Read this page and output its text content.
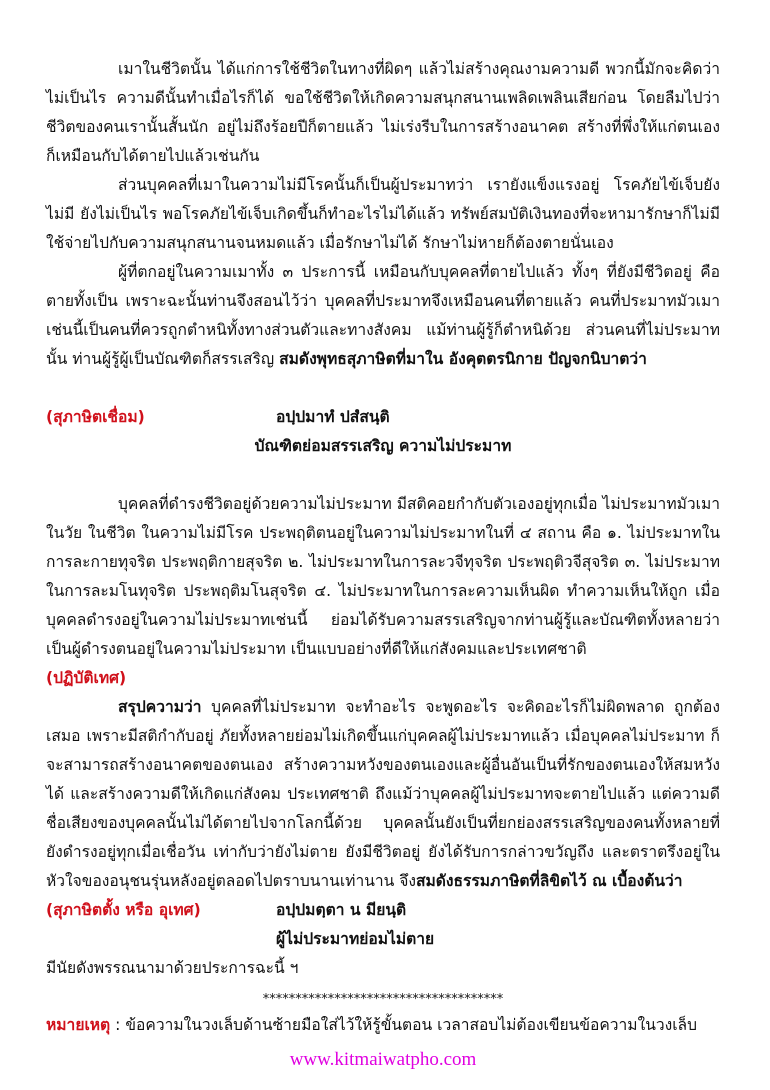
เมาในชีวิตนั้น ได้แก่การใช้ชีวิตในทางที่ผิดๆ แล้วไม่สร้างคุณงามความดี พวกนี้มักจะคิดว่า ไม่เป็นไร ความดีนั้นทำเมื่อไรก็ได้ ขอใช้ชีวิตให้เกิดความสนุกสนานเพลิดเพลินเสียก่อน โดยลืมไปว่าชีวิตของคนเรานั้นสั้นนัก อยู่ไม่ถึงร้อยปีก็ตายแล้ว ไม่เร่งรีบในการสร้างอนาคต สร้างที่พึ่งให้แก่ตนเอง ก็เหมือนกับได้ตายไปแล้วเช่นกัน

ส่วนบุคคลที่เมาในความไม่มีโรคนั้นก็เป็นผู้ประมาทว่า เรายังแข็งแรงอยู่ โรคภัยไข้เจ็บยังไม่มี ยังไม่เป็นไร พอโรคภัยไข้เจ็บเกิดขึ้นก็ทำอะไรไม่ได้แล้ว ทรัพย์สมบัติเงินทองที่จะหามารักษาก็ไม่มี ใช้จ่ายไปกับความสนุกสนานจนหมดแล้ว เมื่อรักษาไม่ได้ รักษาไม่หายก็ต้องตายนั่นเอง

ผู้ที่ตกอยู่ในความเมาทั้ง ๓ ประการนี้ เหมือนกับบุคคลที่ตายไปแล้ว ทั้งๆ ที่ยังมีชีวิตอยู่ คือ ตายทั้งเป็น เพราะฉะนั้นท่านจึงสอนไว้ว่า บุคคลที่ประมาทจึงเหมือนคนที่ตายแล้ว คนที่ประมาทมัวเมาเช่นนี้เป็นคนที่ควรถูกตำหนิทั้งทางส่วนตัวและทางสังคม แม้ท่านผู้รู้ก็ตำหนิด้วย ส่วนคนที่ไม่ประมาทนั้น ท่านผู้รู้ผู้เป็นบัณฑิตก็สรรเสริญ สมดังพุทธสุภาษิตที่มาใน อังคุตตรนิกาย ปัญจกนิบาตว่า

(สุภาษิตเชื่อม)	อปฺปมาทํ ปสํสนฺติ
บัณฑิตย่อมสรรเสริญ ความไม่ประมาท

บุคคลที่ดำรงชีวิตอยู่ด้วยความไม่ประมาท มีสติคอยกำกับตัวเองอยู่ทุกเมื่อ ไม่ประมาทมัวเมาในวัย ในชีวิต ในความไม่มีโรค ประพฤติตนอยู่ในความไม่ประมาทในที่ ๔ สถาน คือ ๑. ไม่ประมาทในการละกายทุจริต ประพฤติกายสุจริต ๒. ไม่ประมาทในการละวจีทุจริต ประพฤติวจีสุจริต ๓. ไม่ประมาทในการละมโนทุจริต ประพฤติมโนสุจริต ๔. ไม่ประมาทในการละความเห็นผิด ทำความเห็นให้ถูก เมื่อบุคคลดำรงอยู่ในความไม่ประมาทเช่นนี้ ย่อมได้รับความสรรเสริญจากท่านผู้รู้และบัณฑิตทั้งหลายว่าเป็นผู้ดำรงตนอยู่ในความไม่ประมาท เป็นแบบอย่างที่ดีให้แก่สังคมและประเทศชาติ

(ปฏิบัติเทศ)

สรุปความว่า บุคคลที่ไม่ประมาท จะทำอะไร จะพูดอะไร จะคิดอะไรก็ไม่ผิดพลาด ถูกต้องเสมอ เพราะมีสติกำกับอยู่ ภัยทั้งหลายย่อมไม่เกิดขึ้นแก่บุคคลผู้ไม่ประมาทแล้ว เมื่อบุคคลไม่ประมาท ก็จะสามารถสร้างอนาคตของตนเอง สร้างความหวังของตนเองและผู้อื่นอันเป็นที่รักของตนเองให้สมหวังได้ และสร้างความดีให้เกิดแก่สังคม ประเทศชาติ ถึงแม้ว่าบุคคลผู้ไม่ประมาทจะตายไปแล้ว แต่ความดี ชื่อเสียงของบุคคลนั้นไม่ได้ตายไปจากโลกนี้ด้วย บุคคลนั้นยังเป็นที่ยกย่องสรรเสริญของคนทั้งหลายที่ยังดำรงอยู่ทุกเมื่อเชื่อวัน เท่ากับว่ายังไม่ตาย ยังมีชีวิตอยู่ ยังได้รับการกล่าวขวัญถึง และตราตรึงอยู่ในหัวใจของอนุชนรุ่นหลังอยู่ตลอดไปตราบนานเท่านาน จึงสมดังธรรมภาษิตที่ลิขิตไว้ ณ เบื้องต้นว่า

(สุภาษิตตั้ง หรือ อุเทศ)	อปฺปมตฺตา น มียนฺติ
ผู้ไม่ประมาทย่อมไม่ตาย

มีนัยดังพรรณนามาด้วยประการฉะนี้ ฯ

*************************************
หมายเหตุ : ข้อความในวงเล็บด้านซ้ายมือใส่ไว้ให้รู้ขั้นตอน เวลาสอบไม่ต้องเขียนข้อความในวงเล็บ
www.kitmaiwatpho.com
